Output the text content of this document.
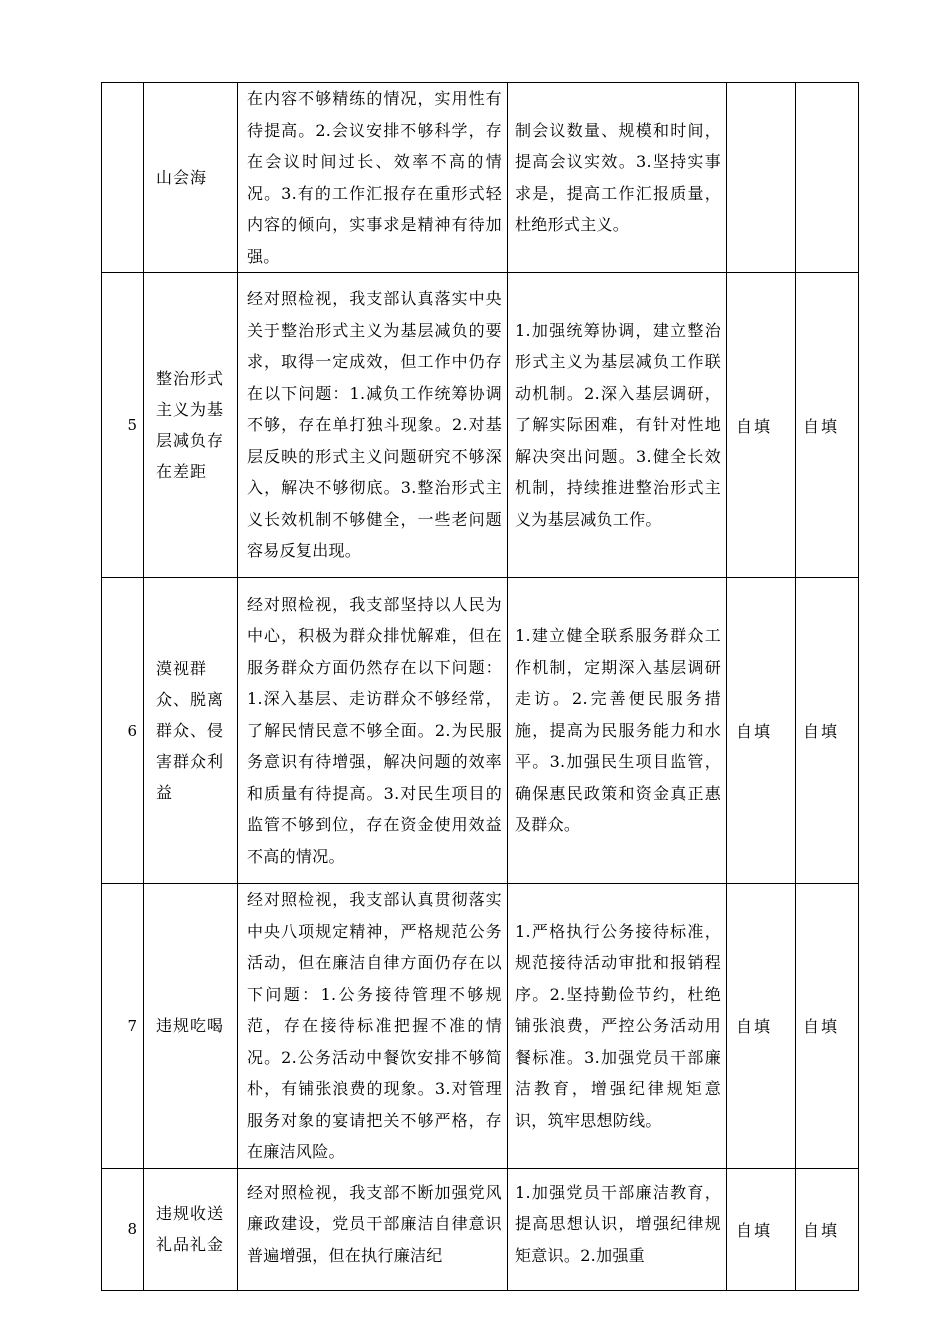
	山会海	在内容不够精练的情况，实用性有待提高。2.会议安排不够科学，存在会议时间过长、效率不高的情况。3.有的工作汇报存在重形式轻内容的倾向，实事求是精神有待加强。	制会议数量、规模和时间，提高会议实效。3.坚持实事求是，提高工作汇报质量，杜绝形式主义。		
5	整治形式主义为基层减负存在差距	经对照检视，我支部认真落实中央关于整治形式主义为基层减负的要求，取得一定成效，但工作中仍存在以下问题：1.减负工作统筹协调不够，存在单打独斗现象。2.对基层反映的形式主义问题研究不够深入，解决不够彻底。3.整治形式主义长效机制不够健全，一些老问题容易反复出现。	1.加强统筹协调，建立整治形式主义为基层减负工作联动机制。2.深入基层调研，了解实际困难，有针对性地解决突出问题。3.健全长效机制，持续推进整治形式主义为基层减负工作。	自填	自填
6	漠视群众、脱离群众、侵害群众利益	经对照检视，我支部坚持以人民为中心，积极为群众排忧解难，但在服务群众方面仍然存在以下问题：1.深入基层、走访群众不够经常，了解民情民意不够全面。2.为民服务意识有待增强，解决问题的效率和质量有待提高。3.对民生项目的监管不够到位，存在资金使用效益不高的情况。	1.建立健全联系服务群众工作机制，定期深入基层调研走访。2.完善便民服务措施，提高为民服务能力和水平。3.加强民生项目监管，确保惠民政策和资金真正惠及群众。	自填	自填
7	违规吃喝	经对照检视，我支部认真贯彻落实中央八项规定精神，严格规范公务活动，但在廉洁自律方面仍存在以下问题：1.公务接待管理不够规范，存在接待标准把握不准的情况。2.公务活动中餐饮安排不够简朴，有铺张浪费的现象。3.对管理服务对象的宴请把关不够严格，存在廉洁风险。	1.严格执行公务接待标准，规范接待活动审批和报销程序。2.坚持勤俭节约，杜绝铺张浪费，严控公务活动用餐标准。3.加强党员干部廉洁教育，增强纪律规矩意识，筑牢思想防线。	自填	自填
8	违规收送礼品礼金	经对照检视，我支部不断加强党风廉政建设，党员干部廉洁自律意识普遍增强，但在执行廉洁纪	1.加强党员干部廉洁教育，提高思想认识，增强纪律规矩意识。2.加强重	自填	自填
